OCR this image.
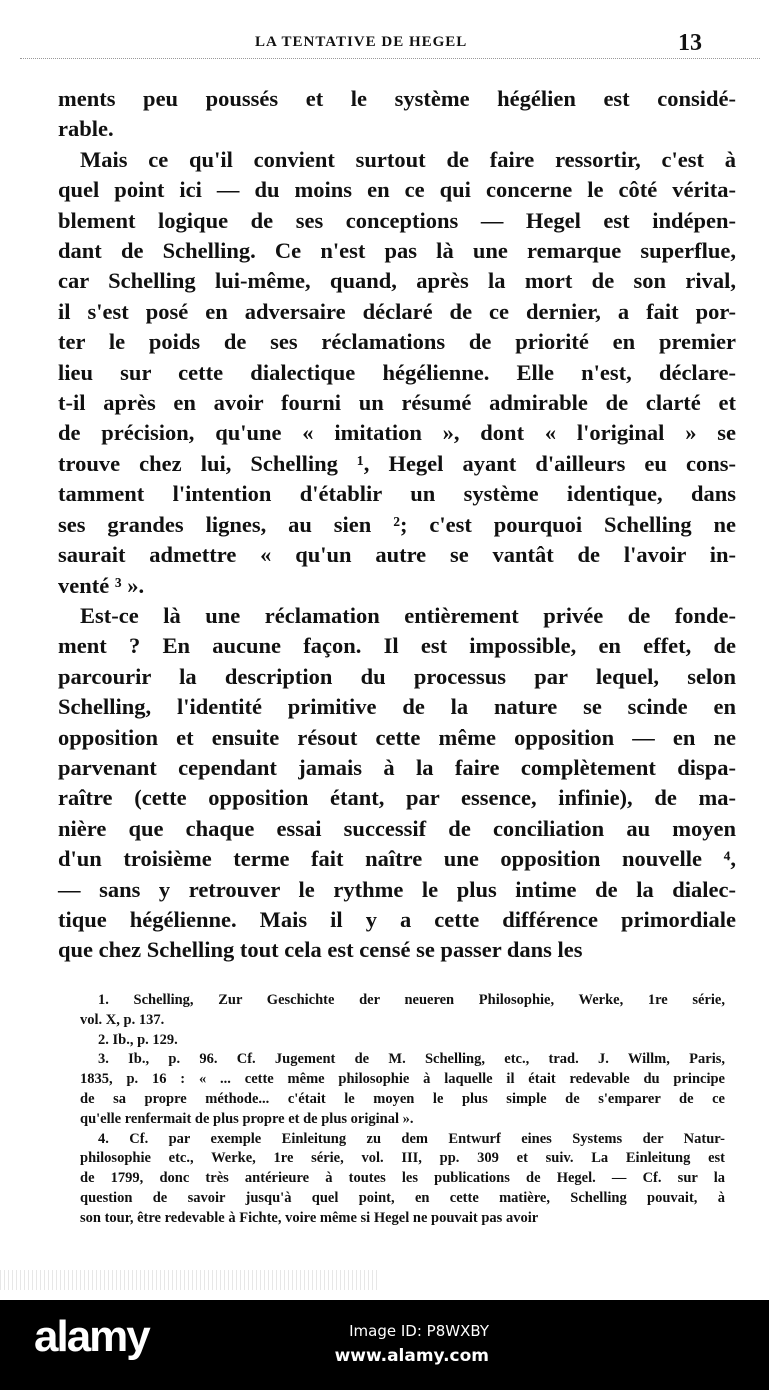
LA TENTATIVE DE HEGEL	13
ments peu poussés et le système hégélien est considé-
rable.
Mais ce qu'il convient surtout de faire ressortir, c'est à
quel point ici — du moins en ce qui concerne le côté vérita-
blement logique de ses conceptions — Hegel est indépen-
dant de Schelling. Ce n'est pas là une remarque superflue,
car Schelling lui-même, quand, après la mort de son rival,
il s'est posé en adversaire déclaré de ce dernier, a fait por-
ter le poids de ses réclamations de priorité en premier
lieu sur cette dialectique hégélienne. Elle n'est, déclare-
t-il après en avoir fourni un résumé admirable de clarté et
de précision, qu'une « imitation », dont « l'original » se
trouve chez lui, Schelling ¹, Hegel ayant d'ailleurs eu cons-
tamment l'intention d'établir un système identique, dans
ses grandes lignes, au sien ²; c'est pourquoi Schelling ne
saurait admettre « qu'un autre se vantât de l'avoir in-
venté ³ ».
Est-ce là une réclamation entièrement privée de fonde-
ment ? En aucune façon. Il est impossible, en effet, de
parcourir la description du processus par lequel, selon
Schelling, l'identité primitive de la nature se scinde en
opposition et ensuite résout cette même opposition — en ne
parvenant cependant jamais à la faire complètement dispa-
raître (cette opposition étant, par essence, infinie), de ma-
nière que chaque essai successif de conciliation au moyen
d'un troisième terme fait naître une opposition nouvelle ⁴,
— sans y retrouver le rythme le plus intime de la dialec-
tique hégélienne. Mais il y a cette différence primordiale
que chez Schelling tout cela est censé se passer dans les
1. Schelling, Zur Geschichte der neueren Philosophie, Werke, 1re série,
vol. X, p. 137.
2. Ib., p. 129.
3. Ib., p. 96. Cf. Jugement de M. Schelling, etc., trad. J. Willm, Paris,
1835, p. 16 : « ... cette même philosophie à laquelle il était redevable du principe
de sa propre méthode... c'était le moyen le plus simple de s'emparer de ce
qu'elle renfermait de plus propre et de plus original ».
4. Cf. par exemple Einleitung zu dem Entwurf eines Systems der Natur-
philosophie etc., Werke, 1re série, vol. III, pp. 309 et suiv. La Einleitung est
de 1799, donc très antérieure à toutes les publications de Hegel. — Cf. sur la
question de savoir jusqu'à quel point, en cette matière, Schelling pouvait, à
son tour, être redevable à Fichte, voire même si Hegel ne pouvait pas avoir
alamy	Image ID: P8WXBY
www.alamy.com
